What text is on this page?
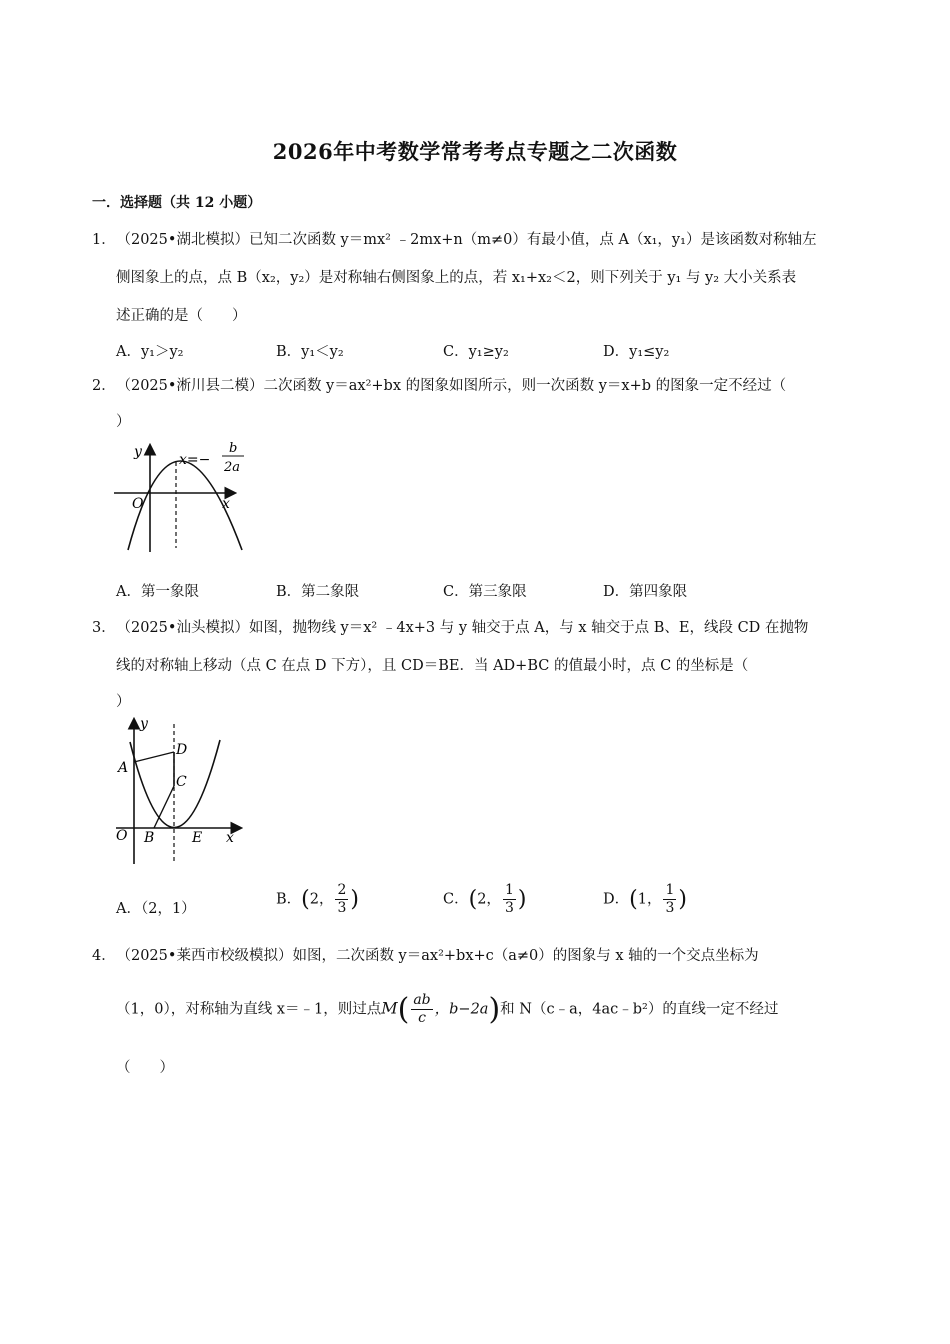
2026年中考数学常考考点专题之二次函数
一．选择题（共 12 小题）
1． （2025•湖北模拟）已知二次函数 y＝mx² ﹣2mx+n（m≠0）有最小值，点 A（x₁，y₁）是该函数对称轴左
侧图象上的点，点 B（x₂，y₂）是对称轴右侧图象上的点，若 x₁+x₂＜2，则下列关于 y₁ 与 y₂ 大小关系表
述正确的是（　　）
A．y₁＞y₂	B．y₁＜y₂	C．y₁≥y₂	D．y₁≤y₂
2． （2025•淅川县二模）二次函数 y＝ax²+bx 的图象如图所示，则一次函数 y＝x+b 的图象一定不经过（
）
y
x
O
x=−
b
2a
A．第一象限	B．第二象限	C．第三象限	D．第四象限
3． （2025•汕头模拟）如图，抛物线 y＝x² ﹣4x+3 与 y 轴交于点 A，与 x 轴交于点 B、E，线段 CD 在抛物
线的对称轴上移动（点 C 在点 D 下方），且 CD＝BE．当 AD+BC 的值最小时，点 C 的坐标是（
）
y
x
O
A
B
C
D
E
A．（2，1）
B．(2， $\frac{2}{3}$ )	C．(2， $\frac{1}{3}$ )	D．(1， $\frac{1}{3}$ )
4． （2025•莱西市校级模拟）如图，二次函数 y＝ax²+bx+c（a≠0）的图象与 x 轴的一个交点坐标为
（1，0），对称轴为直线 x＝﹣1，则过点$M( \frac{ab}{c}$ ，b−2a)和 N（c﹣a，4ac﹣b²）的直线一定不经过
（　　）
